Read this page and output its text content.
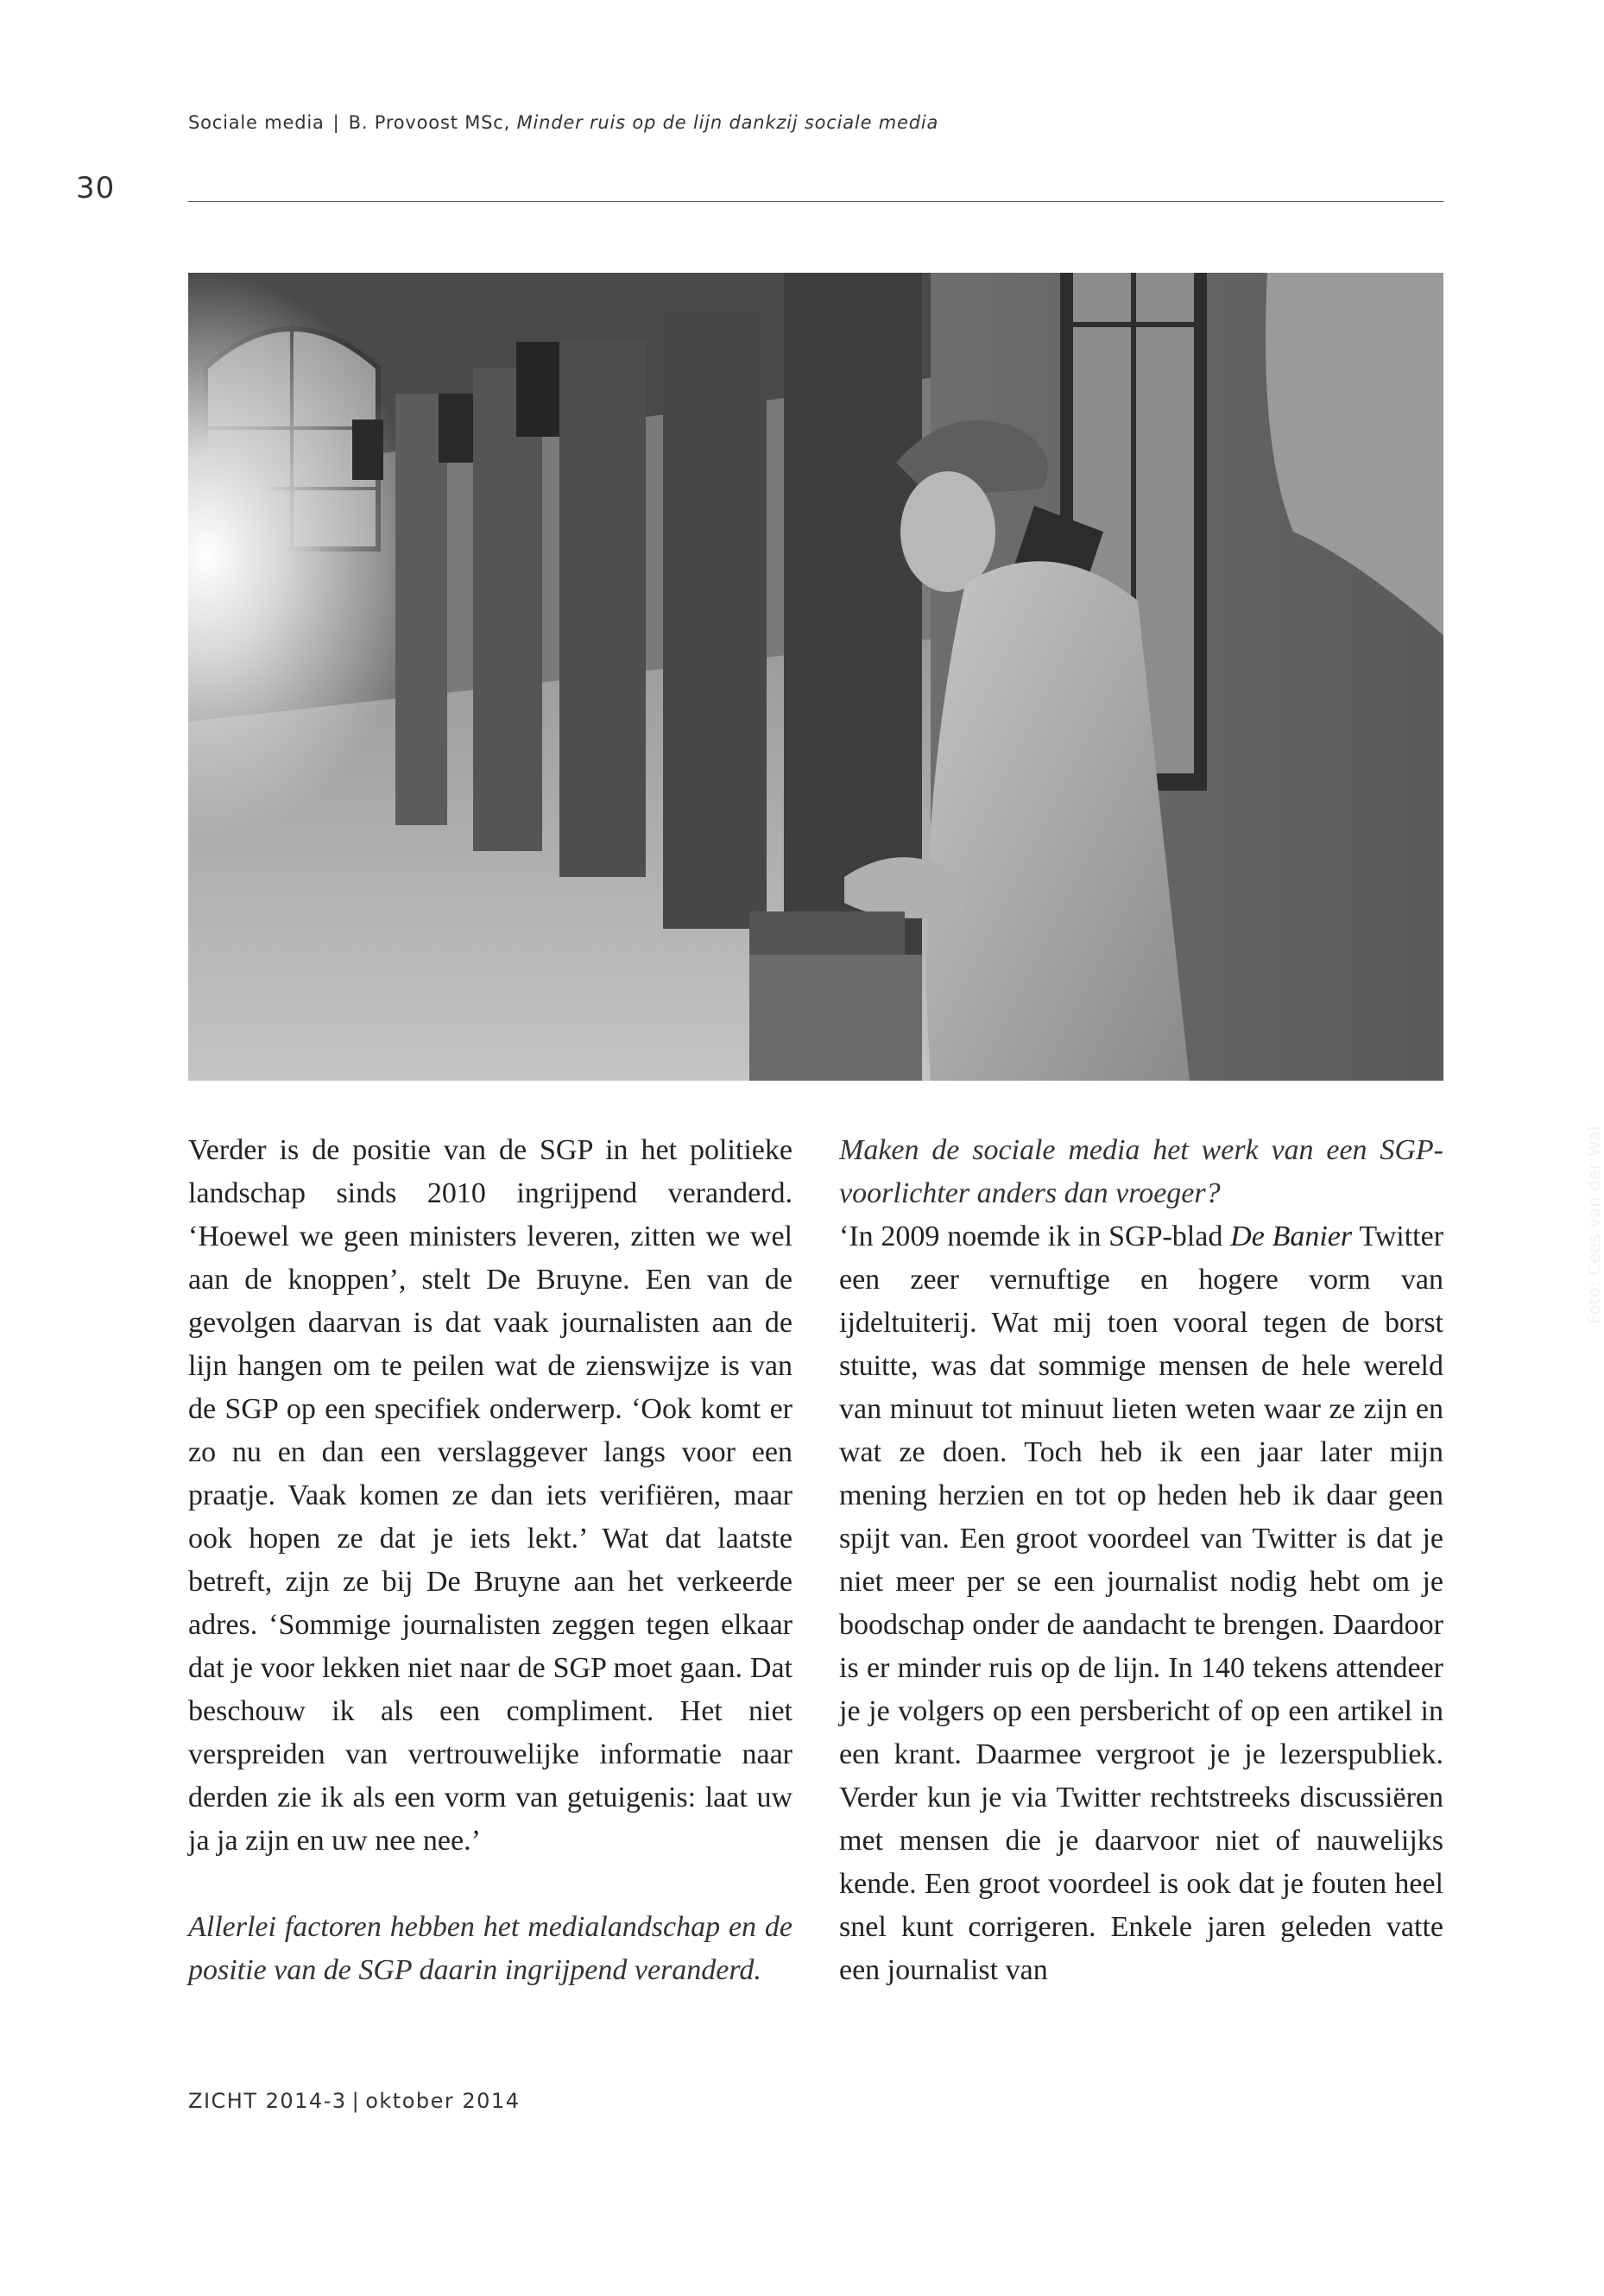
Sociale media | B. Provoost MSc, Minder ruis op de lijn dankzij sociale media
30
Foto: Cees van der Wal

Verder is de positie van de SGP in het politieke landschap sinds 2010 ingrijpend veranderd. ‘Hoewel we geen ministers leveren, zitten we wel aan de knoppen’, stelt De Bruyne. Een van de gevolgen daarvan is dat vaak journalisten aan de lijn hangen om te peilen wat de zienswijze is van de SGP op een specifiek onderwerp. ‘Ook komt er zo nu en dan een verslaggever langs voor een praatje. Vaak komen ze dan iets verifiëren, maar ook hopen ze dat je iets lekt.’ Wat dat laatste betreft, zijn ze bij De Bruyne aan het verkeerde adres. ‘Sommige journalisten zeggen tegen elkaar dat je voor lekken niet naar de SGP moet gaan. Dat beschouw ik als een compliment. Het niet verspreiden van vertrouwelijke informatie naar derden zie ik als een vorm van getuigenis: laat uw ja ja zijn en uw nee nee.’

Allerlei factoren hebben het medialandschap en de positie van de SGP daarin ingrijpend veranderd.

Maken de sociale media het werk van een SGP-voorlichter anders dan vroeger?

‘In 2009 noemde ik in SGP-blad De Banier Twitter een zeer vernuftige en hogere vorm van ijdeltuiterij. Wat mij toen vooral tegen de borst stuitte, was dat sommige mensen de hele wereld van minuut tot minuut lieten weten waar ze zijn en wat ze doen. Toch heb ik een jaar later mijn mening herzien en tot op heden heb ik daar geen spijt van. Een groot voordeel van Twitter is dat je niet meer per se een journalist nodig hebt om je boodschap onder de aandacht te brengen. Daardoor is er minder ruis op de lijn. In 140 tekens attendeer je je volgers op een persbericht of op een artikel in een krant. Daarmee vergroot je je lezerspubliek. Verder kun je via Twitter rechtstreeks discussiëren met mensen die je daarvoor niet of nauwelijks kende. Een groot voordeel is ook dat je fouten heel snel kunt corrigeren. Enkele jaren geleden vatte een journalist van

ZICHT 2014-3 | oktober 2014
